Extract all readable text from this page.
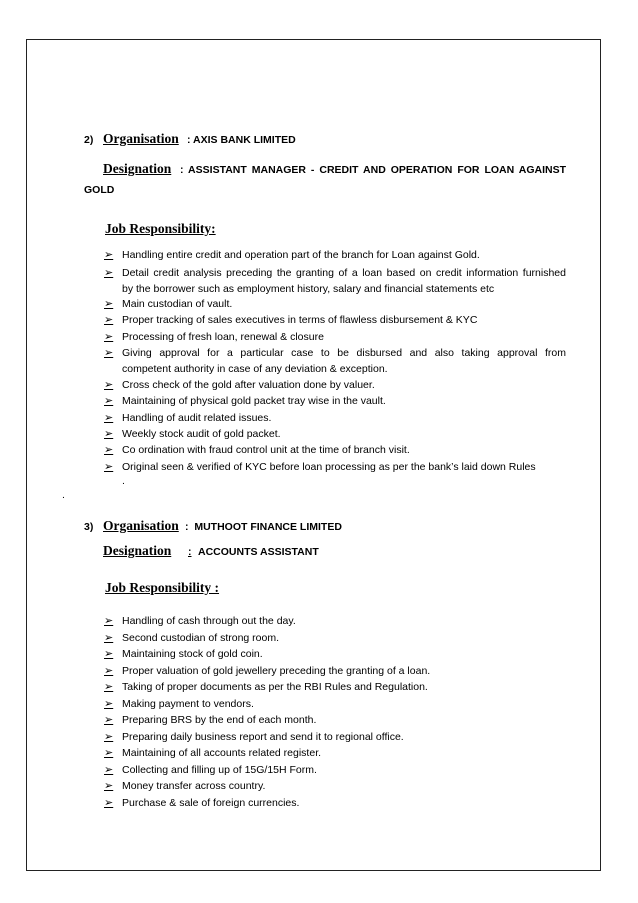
2) Organisation : AXIS BANK LIMITED
Designation : ASSISTANT MANAGER - CREDIT AND OPERATION FOR LOAN AGAINST
GOLD
Job Responsibility:
➢ Handling entire credit and operation part of the branch for Loan against Gold.
➢ Detail credit analysis preceding the granting of a loan based on credit information furnished
by the borrower such as employment history, salary and financial statements etc
➢ Main custodian of vault.
➢ Proper tracking of sales executives in terms of flawless disbursement & KYC
➢ Processing of fresh loan, renewal & closure
➢ Giving approval for a particular case to be disbursed and also taking approval from
competent authority in case of any deviation & exception.
➢ Cross check of the gold after valuation done by valuer.
➢ Maintaining of physical gold packet tray wise in the vault.
➢ Handling of audit related issues.
➢ Weekly stock audit of gold packet.
➢ Co ordination with fraud control unit at the time of branch visit.
➢ Original seen & verified of KYC before loan processing as per the bank’s laid down Rules
.
.
3) Organisation :  MUTHOOT FINANCE LIMITED
Designation : ACCOUNTS ASSISTANT
Job Responsibility :
➢ Handling of cash through out the day.
➢ Second custodian of strong room.
➢ Maintaining stock of gold coin.
➢ Proper valuation of gold jewellery preceding the granting of a loan.
➢ Taking of proper documents as per the RBI Rules and Regulation.
➢ Making payment to vendors.
➢ Preparing BRS by the end of each month.
➢ Preparing daily business report and send it to regional office.
➢ Maintaining of all accounts related register.
➢ Collecting and filling up of 15G/15H Form.
➢ Money transfer across country.
➢ Purchase & sale of foreign currencies.
